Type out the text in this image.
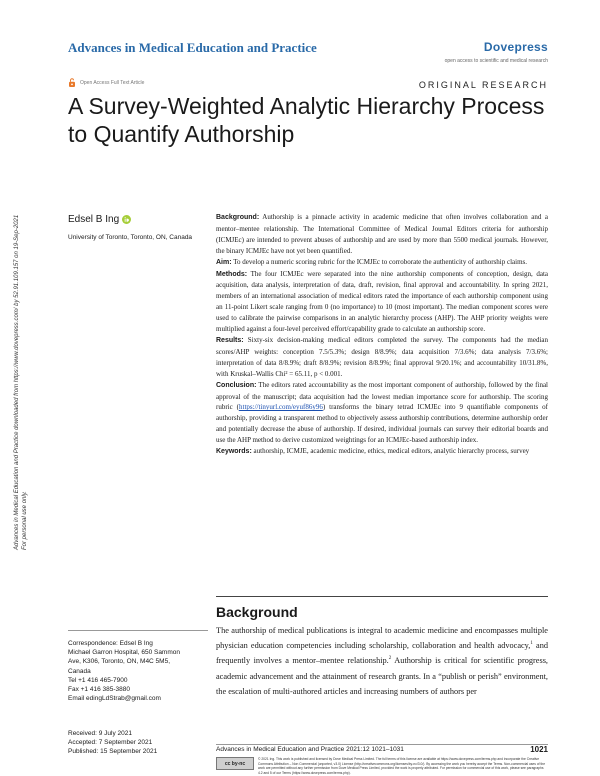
Advances in Medical Education and Practice	Dovepress
open access to scientific and medical research
Open Access Full Text Article	ORIGINAL RESEARCH
A Survey-Weighted Analytic Hierarchy Process to Quantify Authorship
Advances in Medical Education and Practice downloaded from https://www.dovepress.com/ by 52.91.109.157 on 19-Sep-2021 For personal use only.
Edsel B Ing
University of Toronto, Toronto, ON, Canada

Background: Authorship is a pinnacle activity in academic medicine that often involves collaboration and a mentor–mentee relationship. The International Committee of Medical Journal Editors criteria for authorship (ICMJEc) are intended to prevent abuses of authorship and are used by more than 5500 medical journals. However, the binary ICMJEc have not yet been quantified.

Aim: To develop a numeric scoring rubric for the ICMJEc to corroborate the authenticity of authorship claims.

Methods: The four ICMJEc were separated into the nine authorship components of conception, design, data acquisition, data analysis, interpretation of data, draft, revision, final approval and accountability. In spring 2021, members of an international association of medical editors rated the importance of each authorship component using an 11-point Likert scale ranging from 0 (no importance) to 10 (most important). The median component scores were used to calibrate the pairwise comparisons in an analytic hierarchy process (AHP). The AHP priority weights were multiplied against a four-level perceived effort/capability grade to calculate an authorship score.

Results: Sixty-six decision-making medical editors completed the survey. The components had the median scores/AHP weights: conception 7.5/5.3%; design 8/8.9%; data acquisition 7/3.6%; data analysis 7/3.6%; interpretation of data 8/8.9%; draft 8/8.9%; revision 8/8.9%; final approval 9/20.1%; and accountability 10/31.8%, with Kruskal–Wallis Chi² = 65.11, p < 0.001.

Conclusion: The editors rated accountability as the most important component of authorship, followed by the final approval of the manuscript; data acquisition had the lowest median importance score for authorship. The scoring rubric (https://tinyurl.com/eyuf86y96) transforms the binary tetrad ICMJEc into 9 quantifiable components of authorship, providing a transparent method to objectively assess authorship contributions, determine authorship order and potentially decrease the abuse of authorship. If desired, individual journals can survey their editorial boards and use the AHP method to derive customized weightings for an ICMJEc-based authorship index.

Keywords: authorship, ICMJE, academic medicine, ethics, medical editors, analytic hierarchy process, survey

Background
The authorship of medical publications is integral to academic medicine and encompasses multiple physician education competencies including scholarship, collaboration and health advocacy,$^1$ and frequently involves a mentor–mentee relationship.$^2$ Authorship is critical for scientific progress, academic advancement and the attainment of research grants. In a “publish or perish” environment, the escalation of multi-authored articles and increasing numbers of authors per
Correspondence: Edsel B Ing
Michael Garron Hospital, 650 Sammon
Ave, K306, Toronto, ON, M4C 5M5,
Canada
Tel +1 416 465-7900
Fax +1 416 385-3880
Email edingLdStrab@gmail.com
Received: 9 July 2021
Accepted: 7 September 2021
Published: 15 September 2021	Advances in Medical Education and Practice 2021:12 1021–1031	1021
cc by-nc
© 2021 Ing. This work is published and licensed by Dove Medical Press Limited. The full terms of this license are available at https://www.dovepress.com/terms.php and incorporate the Creative Commons Attribution – Non Commercial (unported, v3.0) License (http://creativecommons.org/licenses/by-nc/3.0/). By accessing the work you hereby accept the Terms. Non-commercial uses of the work are permitted without any further permission from Dove Medical Press Limited, provided the work is properly attributed. For permission for commercial use of this work, please see paragraphs 4.2 and 5 of our Terms (https://www.dovepress.com/terms.php).
